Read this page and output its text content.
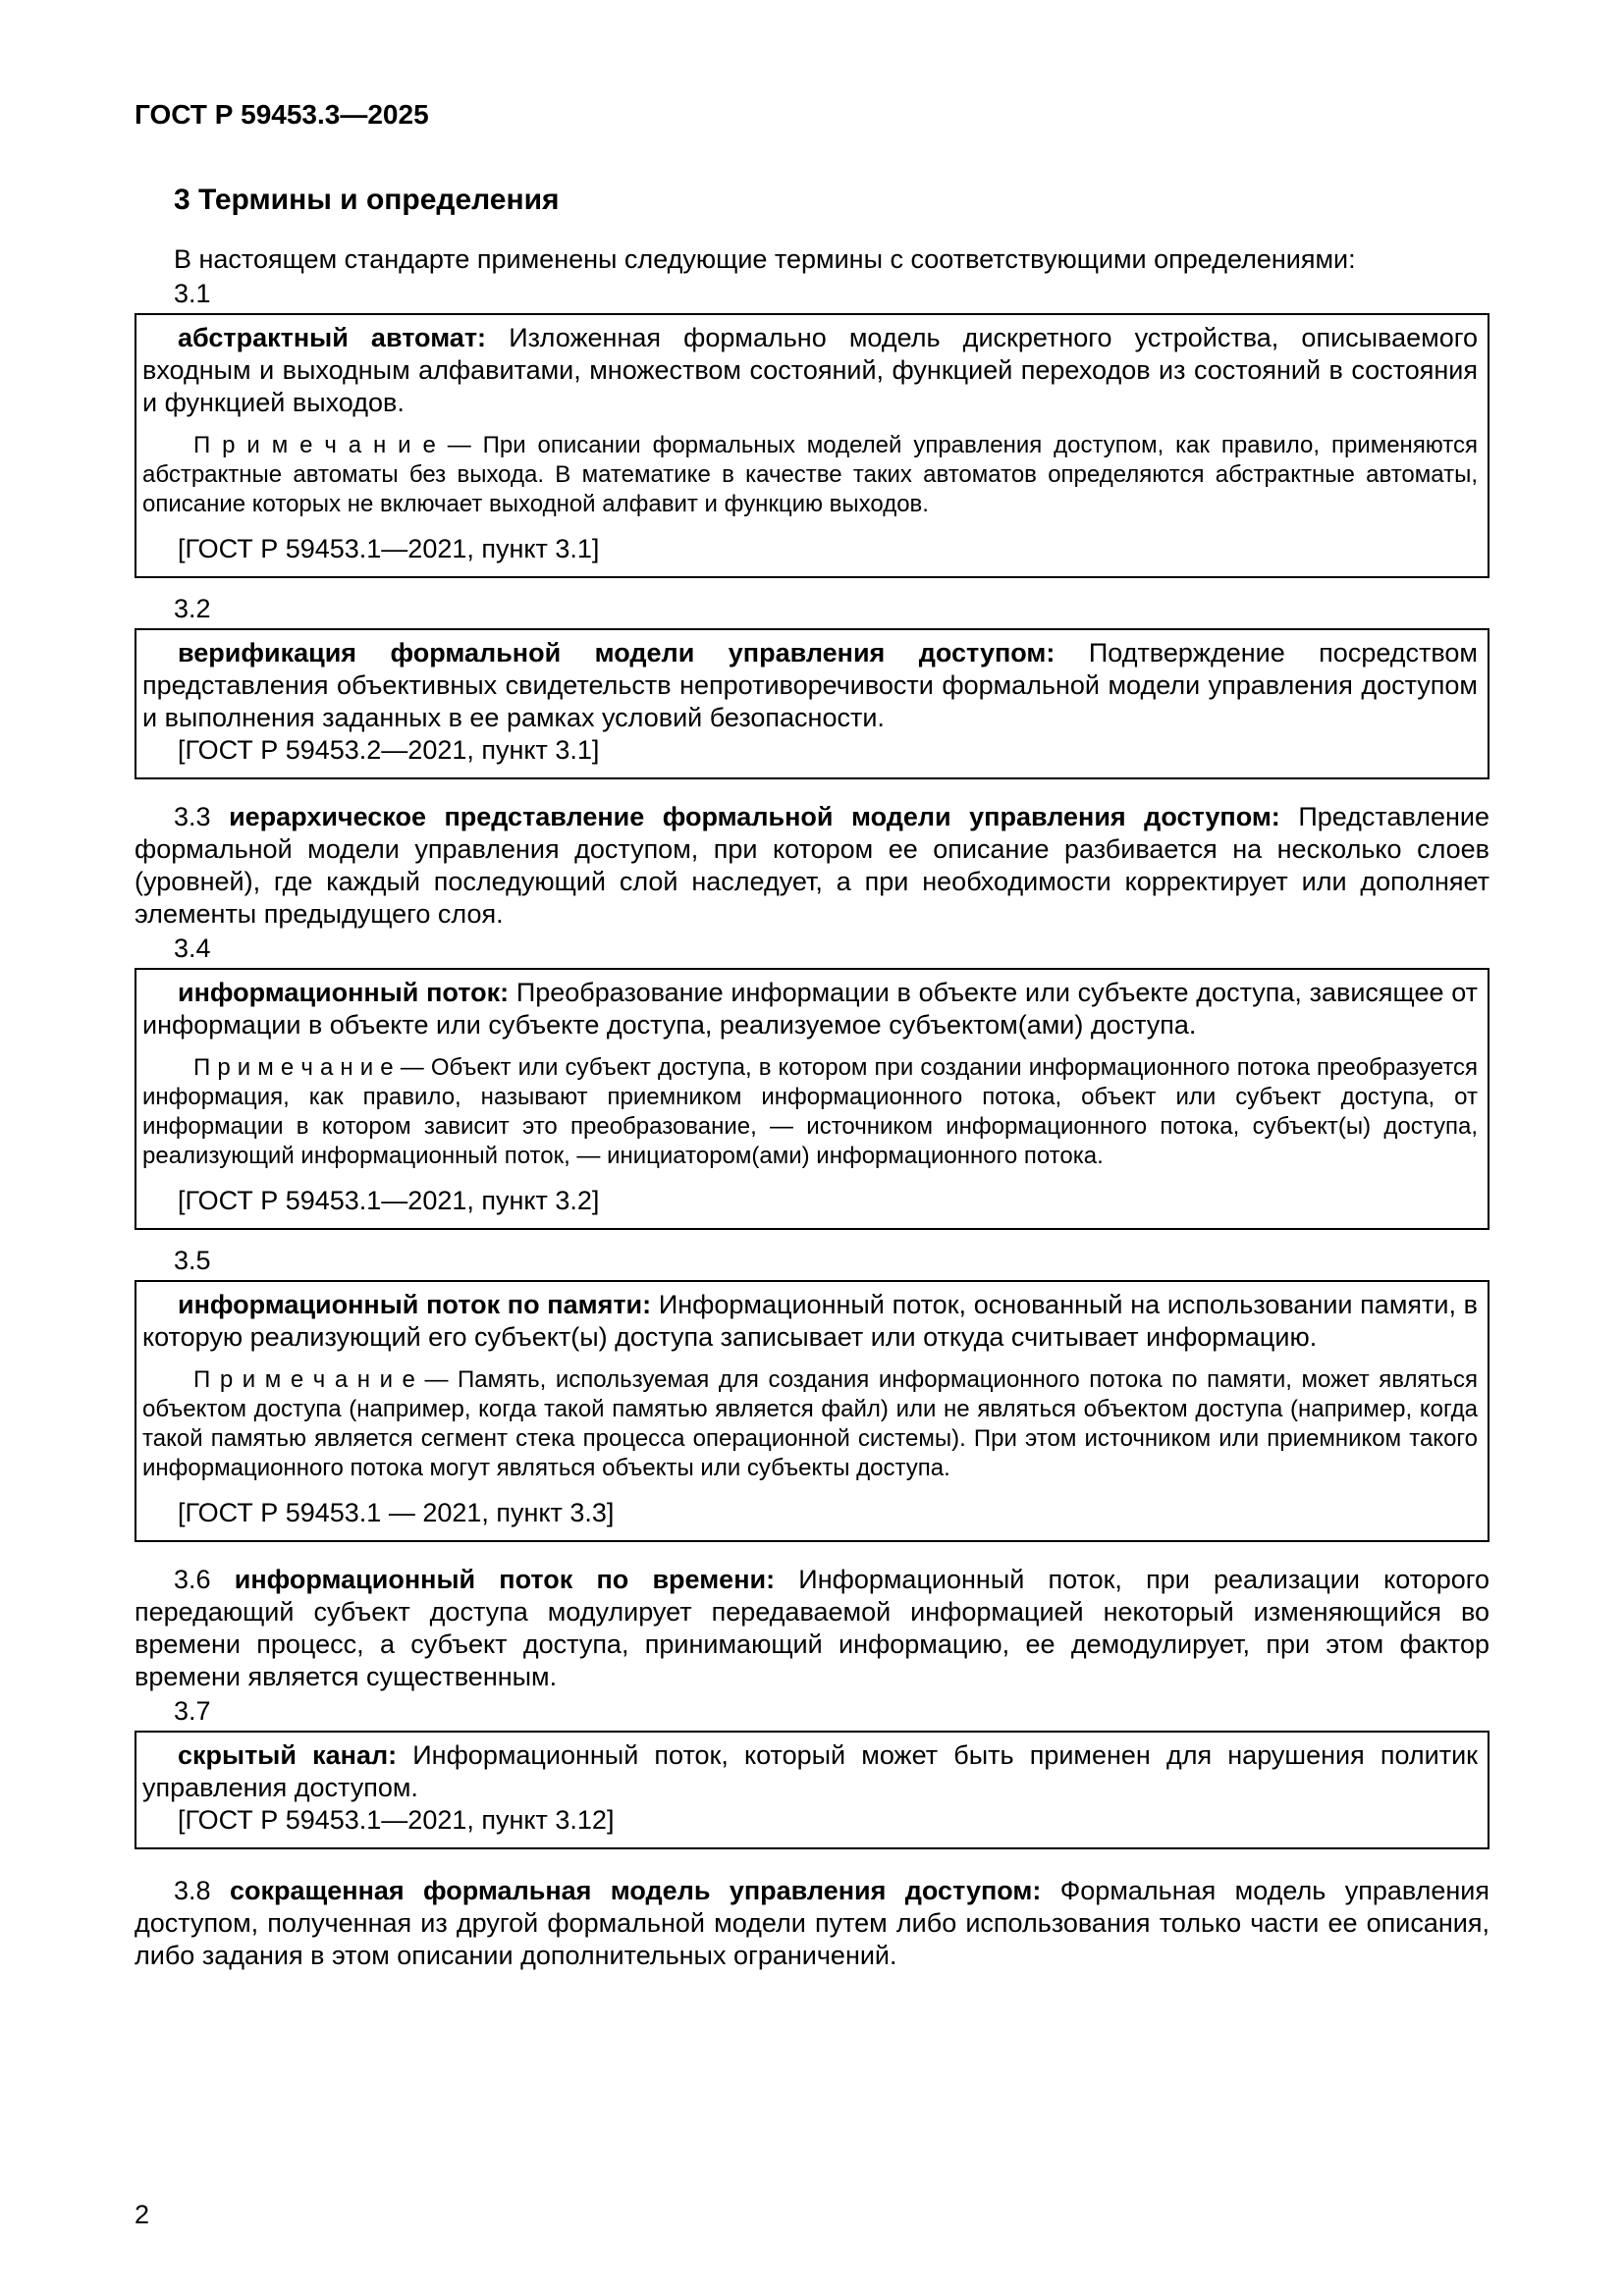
ГОСТ Р 59453.3—2025
3 Термины и определения

В настоящем стандарте применены следующие термины с соответствующими определениями:

3.1

абстрактный автомат: Изложенная формально модель дискретного устройства, описываемого входным и выходным алфавитами, множеством состояний, функцией переходов из состояний в состояния и функцией выходов.

П р и м е ч а н и е — При описании формальных моделей управления доступом, как правило, применяются абстрактные автоматы без выхода. В математике в качестве таких автоматов определяются абстрактные автоматы, описание которых не включает выходной алфавит и функцию выходов.

[ГОСТ Р 59453.1—2021, пункт 3.1]

3.2

верификация формальной модели управления доступом: Подтверждение посредством представления объективных свидетельств непротиворечивости формальной модели управления доступом и выполнения заданных в ее рамках условий безопасности.

[ГОСТ Р 59453.2—2021, пункт 3.1]

3.3 иерархическое представление формальной модели управления доступом: Представление формальной модели управления доступом, при котором ее описание разбивается на несколько слоев (уровней), где каждый последующий слой наследует, а при необходимости корректирует или дополняет элементы предыдущего слоя.

3.4

информационный поток: Преобразование информации в объекте или субъекте доступа, зависящее от информации в объекте или субъекте доступа, реализуемое субъектом(ами) доступа.

П р и м е ч а н и е — Объект или субъект доступа, в котором при создании информационного потока преобразуется информация, как правило, называют приемником информационного потока, объект или субъект доступа, от информации в котором зависит это преобразование, — источником информационного потока, субъект(ы) доступа, реализующий информационный поток, — инициатором(ами) информационного потока.

[ГОСТ Р 59453.1—2021, пункт 3.2]

3.5

информационный поток по памяти: Информационный поток, основанный на использовании памяти, в которую реализующий его субъект(ы) доступа записывает или откуда считывает информацию.

П р и м е ч а н и е — Память, используемая для создания информационного потока по памяти, может являться объектом доступа (например, когда такой памятью является файл) или не являться объектом доступа (например, когда такой памятью является сегмент стека процесса операционной системы). При этом источником или приемником такого информационного потока могут являться объекты или субъекты доступа.

[ГОСТ Р 59453.1 — 2021, пункт 3.3]

3.6 информационный поток по времени: Информационный поток, при реализации которого передающий субъект доступа модулирует передаваемой информацией некоторый изменяющийся во времени процесс, а субъект доступа, принимающий информацию, ее демодулирует, при этом фактор времени является существенным.

3.7

скрытый канал: Информационный поток, который может быть применен для нарушения политик управления доступом.

[ГОСТ Р 59453.1—2021, пункт 3.12]

3.8 сокращенная формальная модель управления доступом: Формальная модель управления доступом, полученная из другой формальной модели путем либо использования только части ее описания, либо задания в этом описании дополнительных ограничений.

2
